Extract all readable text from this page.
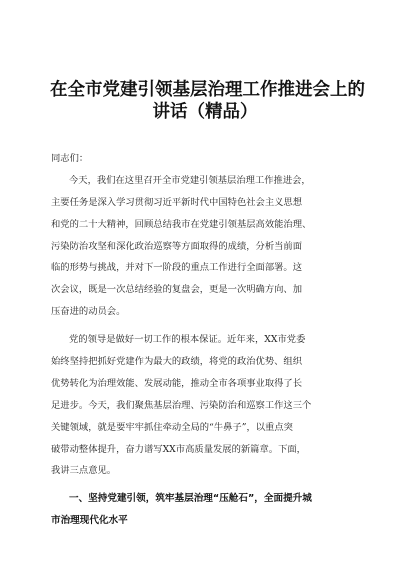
在全市党建引领基层治理工作推进会上的
讲话（精品）
同志们：
今天，我们在这里召开全市党建引领基层治理工作推进会，
主要任务是深入学习贯彻习近平新时代中国特色社会主义思想
和党的二十大精神，回顾总结我市在党建引领基层高效能治理、
污染防治攻坚和深化政治巡察等方面取得的成绩，分析当前面
临的形势与挑战，并对下一阶段的重点工作进行全面部署。这
次会议，既是一次总结经验的复盘会，更是一次明确方向、加
压奋进的动员会。
党的领导是做好一切工作的根本保证。近年来，XX市党委
始终坚持把抓好党建作为最大的政绩，将党的政治优势、组织
优势转化为治理效能、发展动能，推动全市各项事业取得了长
足进步。今天，我们聚焦基层治理、污染防治和巡察工作这三个
关键领域，就是要牢牢抓住牵动全局的“牛鼻子”，以重点突
破带动整体提升，奋力谱写XX市高质量发展的新篇章。下面，
我讲三点意见。
一、坚持党建引领，筑牢基层治理“压舱石”，全面提升城
市治理现代化水平
